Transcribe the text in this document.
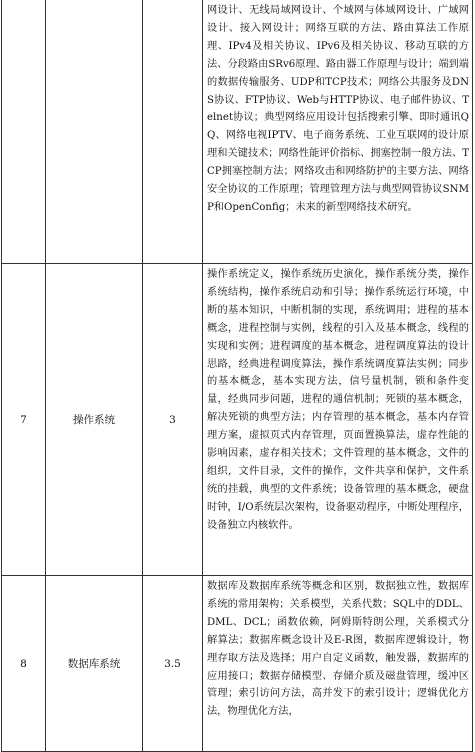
			网设计、无线局域网设计、个域网与体域网设计、广域网设计、接入网设计；网络互联的方法、路由算法工作原理、IPv4及相关协议、IPv6及相关协议、移动互联的方法、分段路由SRv6原理、路由器工作原理与设计；端到端的数据传输服务、UDP和TCP技术；网络公共服务及DNS协议、FTP协议、Web与HTTP协议、电子邮件协议、Telnet协议；典型网络应用设计包括搜索引擎、即时通讯QQ、网络电视IPTV、电子商务系统、工业互联网的设计原理和关键技术；网络性能评价指标、拥塞控制一般方法、TCP拥塞控制方法；网络攻击和网络防护的主要方法、网络安全协议的工作原理；管理管理方法与典型网管协议SNMP和OpenConfig；未来的新型网络技术研究。
7	操作系统	3	操作系统定义，操作系统历史演化，操作系统分类，操作系统结构，操作系统启动和引导；操作系统运行环境，中断的基本知识，中断机制的实现，系统调用；进程的基本概念，进程控制与实例，线程的引入及基本概念，线程的实现和实例；进程调度的基本概念，进程调度算法的设计思路，经典进程调度算法，操作系统调度算法实例；同步的基本概念，基本实现方法，信号量机制，锁和条件变量，经典同步问题，进程的通信机制；死锁的基本概念，解决死锁的典型方法；内存管理的基本概念，基本内存管理方案，虚拟页式内存管理，页面置换算法，虚存性能的影响因素，虚存相关技术；文件管理的基本概念，文件的组织，文件目录，文件的操作，文件共享和保护，文件系统的挂载，典型的文件系统；设备管理的基本概念，硬盘时钟，I/O系统层次架构，设备驱动程序，中断处理程序，设备独立内核软件。
8	数据库系统	3.5	数据库及数据库系统等概念和区别，数据独立性，数据库系统的常用架构；关系模型，关系代数；SQL中的DDL、DML、DCL；函数依赖，阿姆斯特朗公理，关系模式分解算法；数据库概念设计及E-R图，数据库逻辑设计，物理存取方法及选择；用户自定义函数，触发器，数据库的应用接口；数据存储模型、存储介质及磁盘管理，缓冲区管理；索引访问方法，高并发下的索引设计；逻辑优化方法，物理优化方法，
